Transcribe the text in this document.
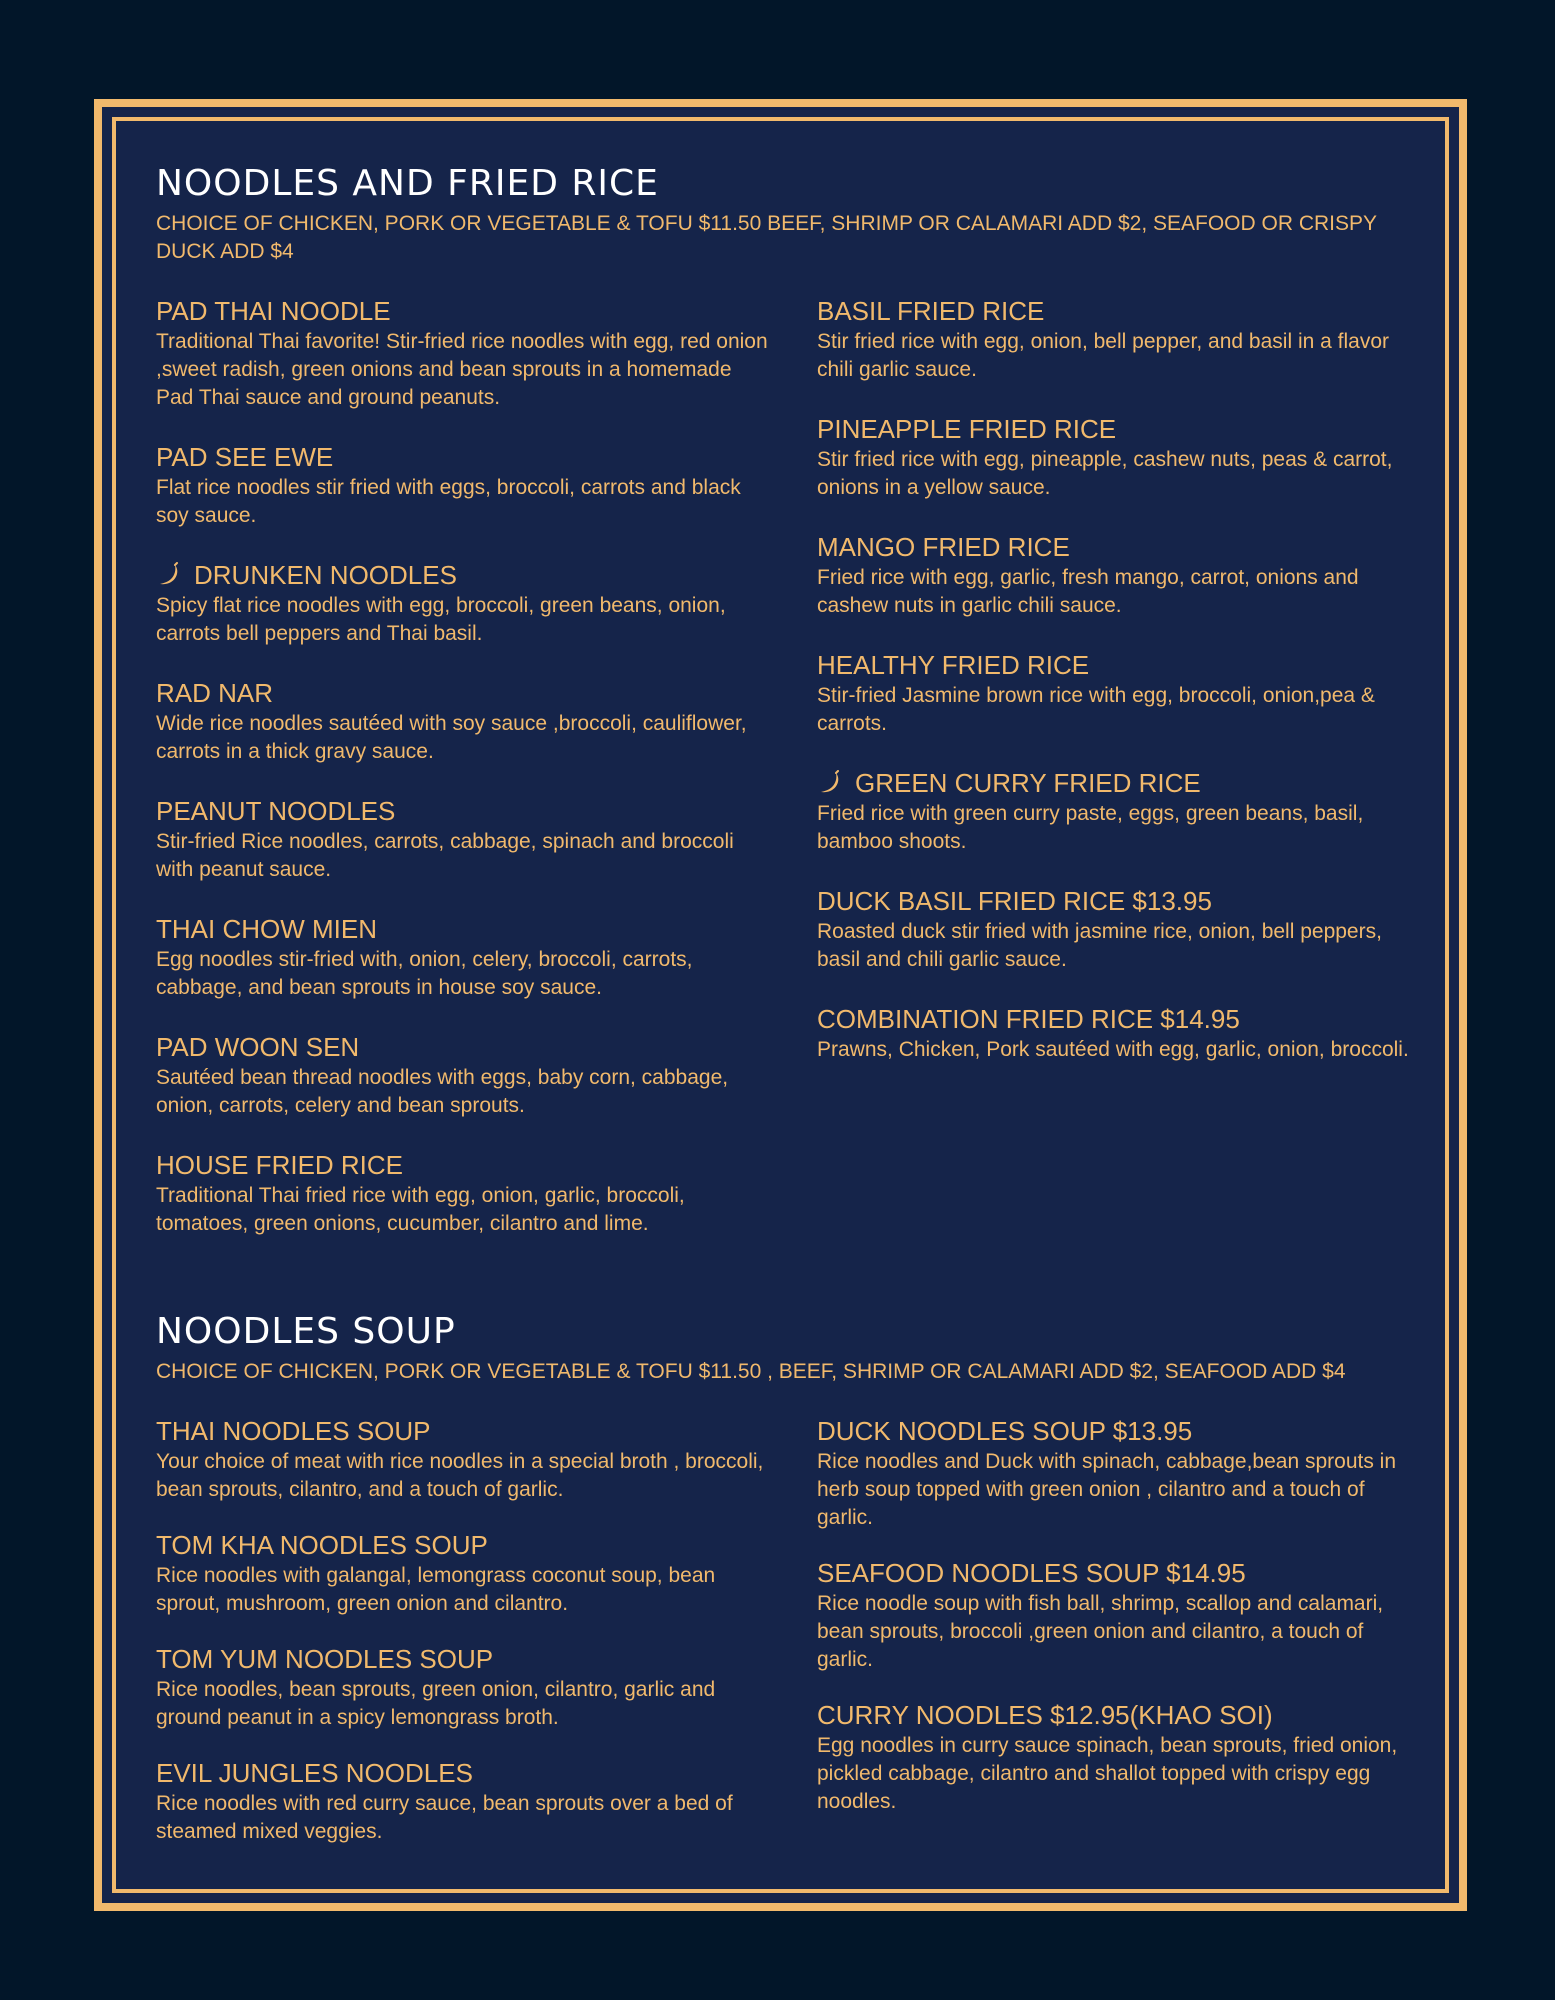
NOODLES AND FRIED RICE

CHOICE OF CHICKEN, PORK OR VEGETABLE & TOFU $11.50 BEEF, SHRIMP OR CALAMARI ADD $2, SEAFOOD OR CRISPY DUCK ADD $4

PAD THAI NOODLE

Traditional Thai favorite! Stir-fried rice noodles with egg, red onion ,sweet radish, green onions and bean sprouts in a homemade Pad Thai sauce and ground peanuts.

PAD SEE EWE

Flat rice noodles stir fried with eggs, broccoli, carrots and black soy sauce.

DRUNKEN NOODLES

Spicy flat rice noodles with egg, broccoli, green beans, onion, carrots bell peppers and Thai basil.

RAD NAR

Wide rice noodles sautéed with soy sauce ,broccoli, cauliflower, carrots in a thick gravy sauce.

PEANUT NOODLES

Stir-fried Rice noodles, carrots, cabbage, spinach and broccoli with peanut sauce.

THAI CHOW MIEN

Egg noodles stir-fried with, onion, celery, broccoli, carrots, cabbage, and bean sprouts in house soy sauce.

PAD WOON SEN

Sautéed bean thread noodles with eggs, baby corn, cabbage, onion, carrots, celery and bean sprouts.

HOUSE FRIED RICE

Traditional Thai fried rice with egg, onion, garlic, broccoli, tomatoes, green onions, cucumber, cilantro and lime.

BASIL FRIED RICE

Stir fried rice with egg, onion, bell pepper, and basil in a flavor chili garlic sauce.

PINEAPPLE FRIED RICE

Stir fried rice with egg, pineapple, cashew nuts, peas & carrot, onions in a yellow sauce.

MANGO FRIED RICE

Fried rice with egg, garlic, fresh mango, carrot, onions and cashew nuts in garlic chili sauce.

HEALTHY FRIED RICE

Stir-fried Jasmine brown rice with egg, broccoli, onion,pea & carrots.

GREEN CURRY FRIED RICE

Fried rice with green curry paste, eggs, green beans, basil, bamboo shoots.

DUCK BASIL FRIED RICE $13.95

Roasted duck stir fried with jasmine rice, onion, bell peppers, basil and chili garlic sauce.

COMBINATION FRIED RICE $14.95

Prawns, Chicken, Pork sautéed with egg, garlic, onion, broccoli.

NOODLES SOUP

CHOICE OF CHICKEN, PORK OR VEGETABLE & TOFU $11.50 , BEEF, SHRIMP OR CALAMARI ADD $2, SEAFOOD ADD $4

THAI NOODLES SOUP

Your choice of meat with rice noodles in a special broth , broccoli, bean sprouts, cilantro, and a touch of garlic.

TOM KHA NOODLES SOUP

Rice noodles with galangal, lemongrass coconut soup, bean sprout, mushroom, green onion and cilantro.

TOM YUM NOODLES SOUP

Rice noodles, bean sprouts, green onion, cilantro, garlic and ground peanut in a spicy lemongrass broth.

EVIL JUNGLES NOODLES

Rice noodles with red curry sauce, bean sprouts over a bed of steamed mixed veggies.

DUCK NOODLES SOUP $13.95

Rice noodles and Duck with spinach, cabbage,bean sprouts in herb soup topped with green onion , cilantro and a touch of garlic.

SEAFOOD NOODLES SOUP $14.95

Rice noodle soup with fish ball, shrimp, scallop and calamari, bean sprouts, broccoli ,green onion and cilantro, a touch of garlic.

CURRY NOODLES $12.95(KHAO SOI)

Egg noodles in curry sauce spinach, bean sprouts, fried onion, pickled cabbage, cilantro and shallot topped with crispy egg noodles.
